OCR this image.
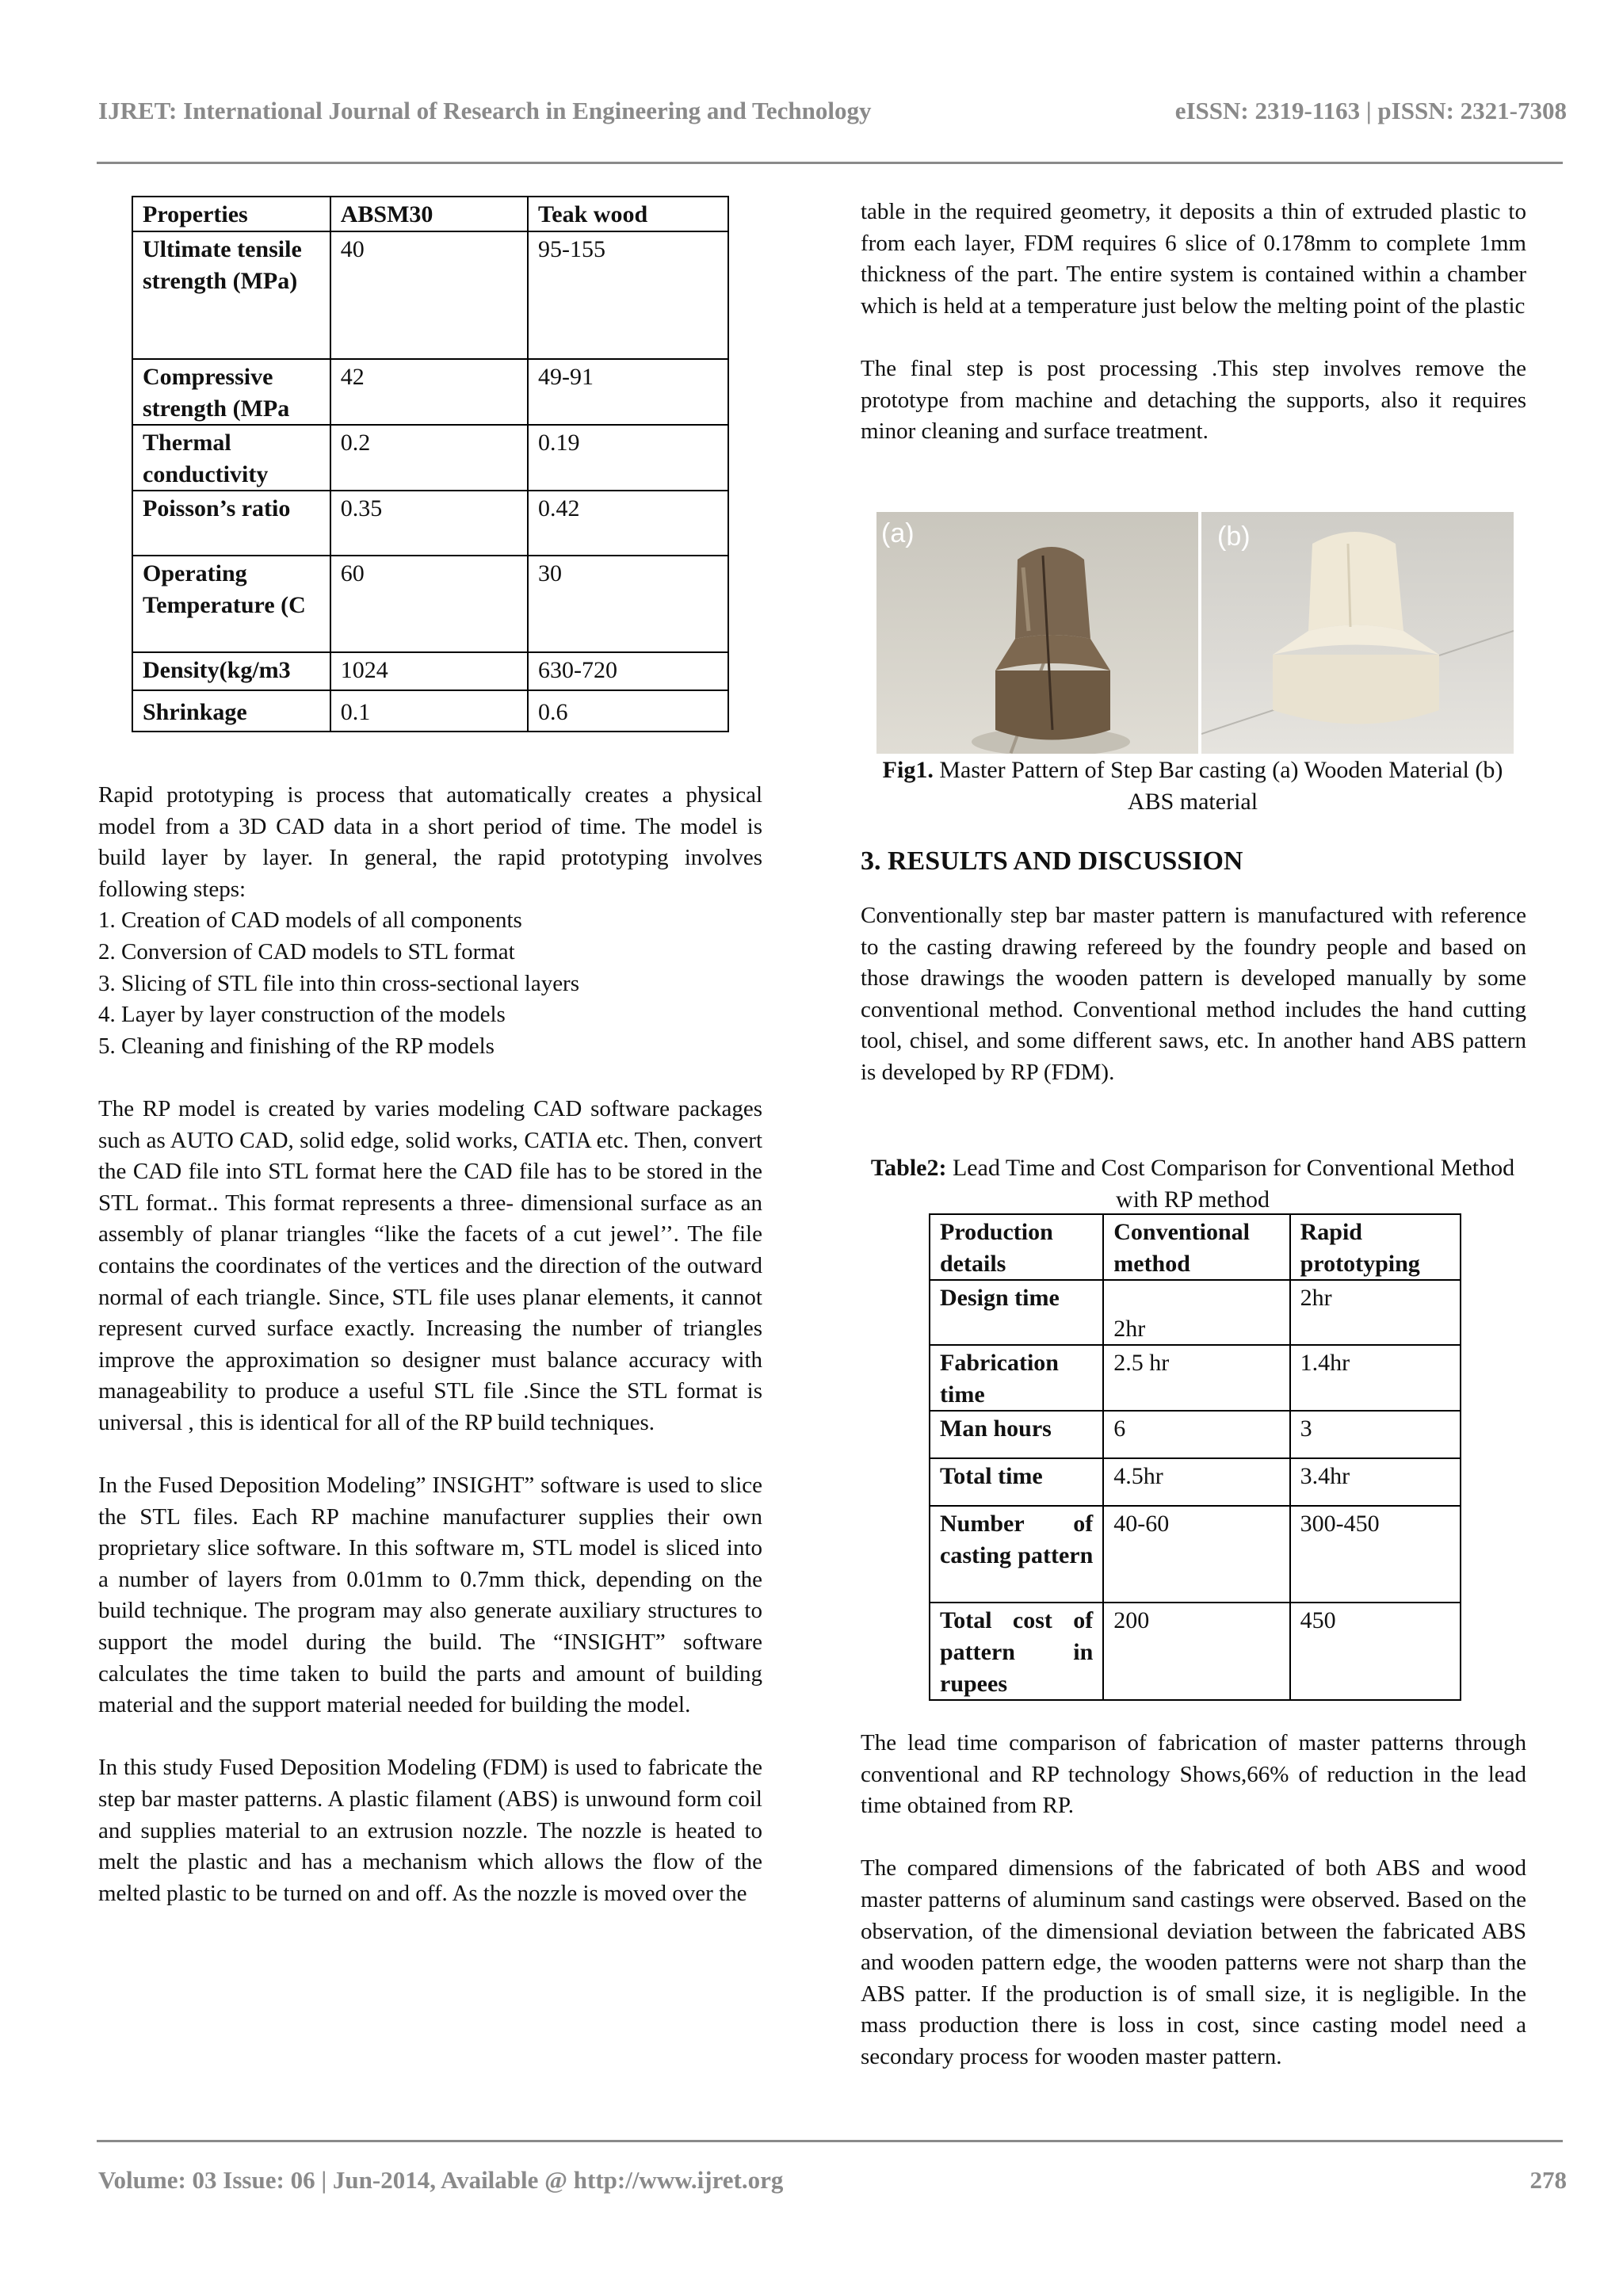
IJRET: International Journal of Research in Engineering and Technology	eISSN: 2319-1163 | pISSN: 2321-7308
Properties	ABSM30	Teak wood
Ultimate tensile strength (MPa)	40	95-155
Compressive strength (MPa	42	49-91
Thermal conductivity	0.2	0.19
Poisson’s ratio	0.35	0.42
Operating Temperature (C	60	30
Density(kg/m3	1024	630-720
Shrinkage	0.1	0.6

Rapid prototyping is process that automatically creates a physical model from a 3D CAD data in a short period of time. The model is build layer by layer. In general, the rapid prototyping involves following steps:

1. Creation of CAD models of all components
2. Conversion of CAD models to STL format
3. Slicing of STL file into thin cross-sectional layers
4. Layer by layer construction of the models
5. Cleaning and finishing of the RP models

The RP model is created by varies modeling CAD software packages such as AUTO CAD, solid edge, solid works, CATIA etc. Then, convert the CAD file into STL format here the CAD file has to be stored in the STL format.. This format represents a three- dimensional surface as an assembly of planar triangles “like the facets of a cut jewel’’. The file contains the coordinates of the vertices and the direction of the outward normal of each triangle. Since, STL file uses planar elements, it cannot represent curved surface exactly. Increasing the number of triangles improve the approximation so designer must balance accuracy with manageability to produce a useful STL file .Since the STL format is universal , this is identical for all of the RP build techniques.

In the Fused Deposition Modeling” INSIGHT” software is used to slice the STL files. Each RP machine manufacturer supplies their own proprietary slice software. In this software m, STL model is sliced into a number of layers from 0.01mm to 0.7mm thick, depending on the build technique. The program may also generate auxiliary structures to support the model during the build. The “INSIGHT” software calculates the time taken to build the parts and amount of building material and the support material needed for building the model.

In this study Fused Deposition Modeling (FDM) is used to fabricate the step bar master patterns. A plastic filament (ABS) is unwound form coil and supplies material to an extrusion nozzle. The nozzle is heated to melt the plastic and has a mechanism which allows the flow of the melted plastic to be turned on and off. As the nozzle is moved over the

table in the required geometry, it deposits a thin of extruded plastic to from each layer, FDM requires 6 slice of 0.178mm to complete 1mm thickness of the part. The entire system is contained within a chamber which is held at a temperature just below the melting point of the plastic

The final step is post processing .This step involves remove the prototype from machine and detaching the supports, also it requires minor cleaning and surface treatment.

(a)	(b)
Fig1. Master Pattern of Step Bar casting (a) Wooden Material (b) ABS material
3. RESULTS AND DISCUSSION

Conventionally step bar master pattern is manufactured with reference to the casting drawing refereed by the foundry people and based on those drawings the wooden pattern is developed manually by some conventional method. Conventional method includes the hand cutting tool, chisel, and some different saws, etc. In another hand ABS pattern is developed by RP (FDM).

Table2: Lead Time and Cost Comparison for Conventional Method with RP method
Production details	Conventional method	Rapid prototyping
Design time	2hr	2hr
Fabrication time	2.5 hr	1.4hr
Man hours	6	3
Total time	4.5hr	3.4hr
Number of casting pattern	40-60	300-450
Total cost of pattern in rupees	200	450

The lead time comparison of fabrication of master patterns through conventional and RP technology Shows,66% of reduction in the lead time obtained from RP.

The compared dimensions of the fabricated of both ABS and wood master patterns of aluminum sand castings were observed. Based on the observation, of the dimensional deviation between the fabricated ABS and wooden pattern edge, the wooden patterns were not sharp than the ABS patter. If the production is of small size, it is negligible. In the mass production there is loss in cost, since casting model need a secondary process for wooden master pattern.

Volume: 03 Issue: 06 | Jun-2014, Available @ http://www.ijret.org	278
